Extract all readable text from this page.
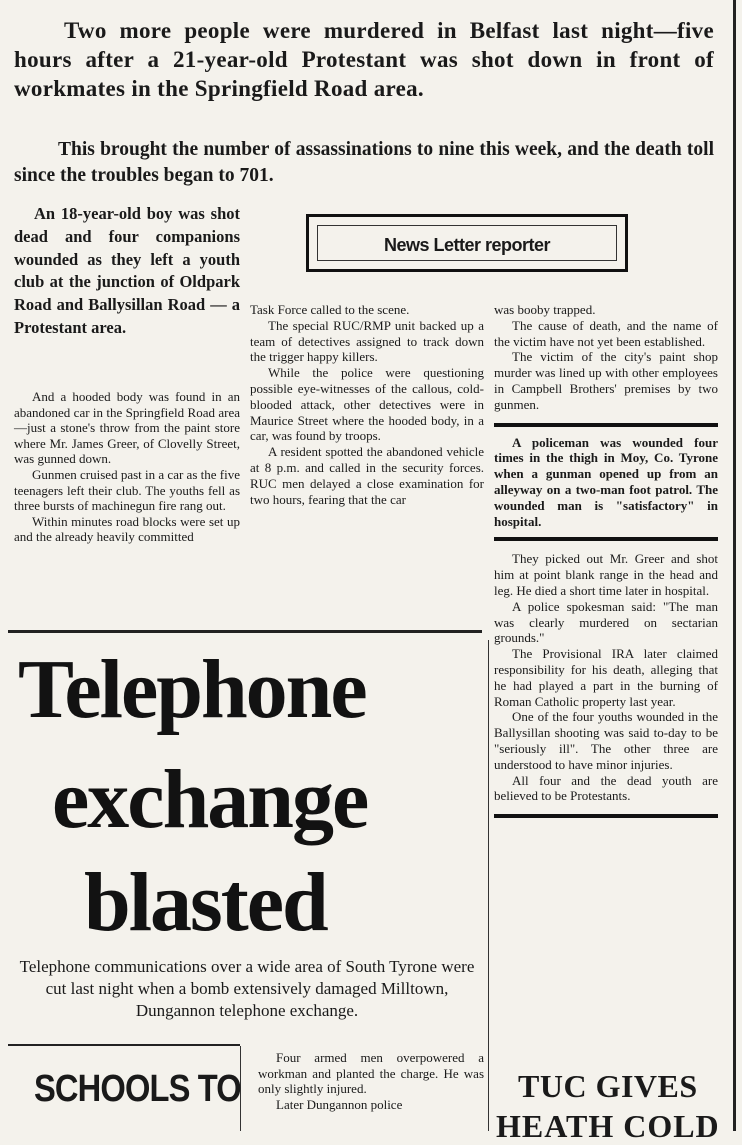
Two more people were murdered in Belfast last night—five hours after a 21-year-old Protestant was shot down in front of workmates in the Springfield Road area.
This brought the number of assassinations to nine this week, and the death toll since the troubles began to 701.

An 18-year-old boy was shot dead and four companions wounded as they left a youth club at the junction of Oldpark Road and Ballysillan Road — a Protestant area.

News Letter reporter

And a hooded body was found in an abandoned car in the Springfield Road area—just a stone's throw from the paint store where Mr. James Greer, of Clovelly Street, was gunned down.

Gunmen cruised past in a car as the five teenagers left their club. The youths fell as three bursts of machinegun fire rang out.

Within minutes road blocks were set up and the already heavily committed

Task Force called to the scene.

The special RUC/RMP unit backed up a team of detectives assigned to track down the trigger happy killers.

While the police were questioning possible eye-witnesses of the callous, cold-blooded attack, other detectives were in Maurice Street where the hooded body, in a car, was found by troops.

A resident spotted the abandoned vehicle at 8 p.m. and called in the security forces. RUC men delayed a close examination for two hours, fearing that the car

was booby trapped.

The cause of death, and the name of the victim have not yet been established.

The victim of the city's paint shop murder was lined up with other employees in Campbell Brothers' premises by two gunmen.

A policeman was wounded four times in the thigh in Moy, Co. Tyrone when a gunman opened up from an alleyway on a two-man foot patrol. The wounded man is "satisfactory" in hospital.

They picked out Mr. Greer and shot him at point blank range in the head and leg. He died a short time later in hospital.

A police spokesman said: "The man was clearly murdered on sectarian grounds."

The Provisional IRA later claimed responsibility for his death, alleging that he had played a part in the burning of Roman Catholic property last year.

One of the four youths wounded in the Ballysillan shooting was said to-day to be "seriously ill". The other three are understood to have minor injuries.

All four and the dead youth are believed to be Protestants.

Telephone
exchange
blasted
Telephone communications over a wide area of South Tyrone were cut last night when a bomb extensively damaged Milltown, Dungannon telephone exchange.

Four armed men overpowered a workman and planted the charge. He was only slightly injured.

Later Dungannon police

SCHOOLS TO	TUC GIVES
HEATH COLD
